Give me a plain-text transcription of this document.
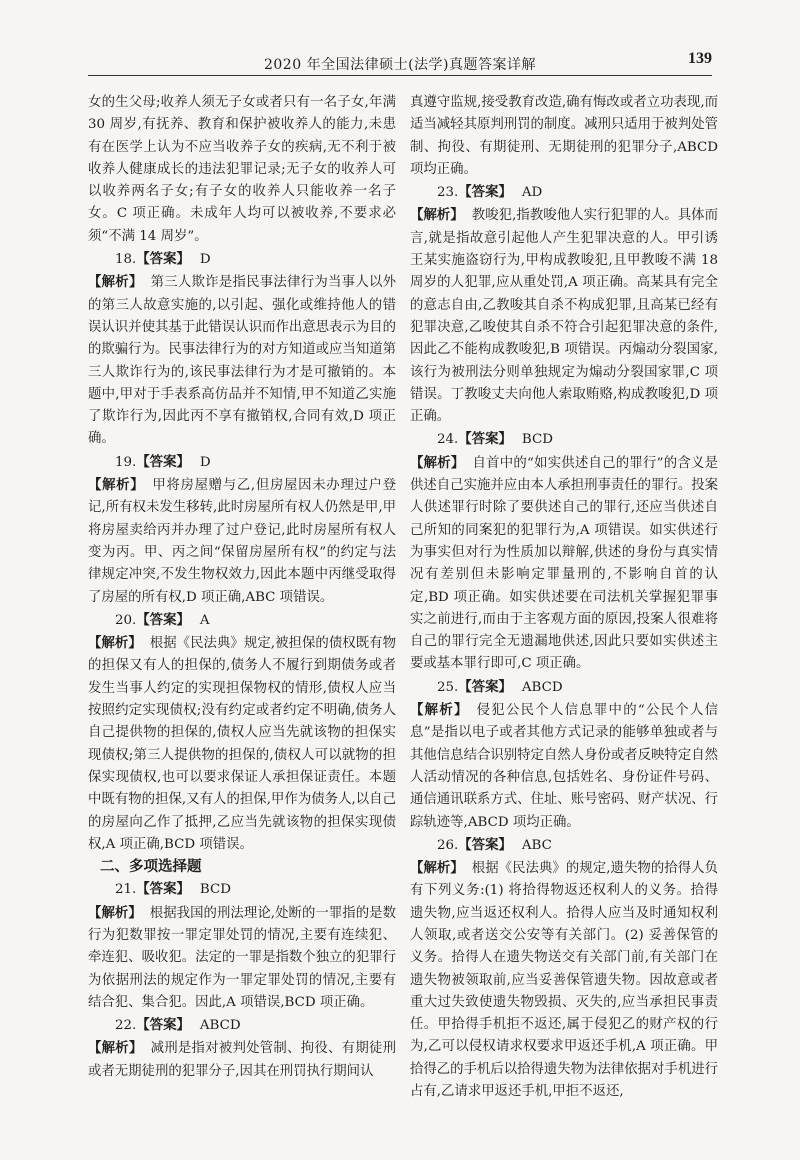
2020 年全国法律硕士(法学)真题答案详解	139

女的生父母;收养人须无子女或者只有一名子女,年满 30 周岁,有抚养、教育和保护被收养人的能力,未患有在医学上认为不应当收养子女的疾病,无不利于被收养人健康成长的违法犯罪记录;无子女的收养人可以收养两名子女;有子女的收养人只能收养一名子女。C 项正确。未成年人均可以被收养,不要求必须“不满 14 周岁”。

18.【答案】 D

【解析】 第三人欺诈是指民事法律行为当事人以外的第三人故意实施的,以引起、强化或维持他人的错误认识并使其基于此错误认识而作出意思表示为目的的欺骗行为。民事法律行为的对方知道或应当知道第三人欺诈行为的,该民事法律行为才是可撤销的。本题中,甲对于手表系高仿品并不知情,甲不知道乙实施了欺诈行为,因此丙不享有撤销权,合同有效,D 项正确。

19.【答案】 D

【解析】 甲将房屋赠与乙,但房屋因未办理过户登记,所有权未发生移转,此时房屋所有权人仍然是甲,甲将房屋卖给丙并办理了过户登记,此时房屋所有权人变为丙。甲、丙之间“保留房屋所有权”的约定与法律规定冲突,不发生物权效力,因此本题中丙继受取得了房屋的所有权,D 项正确,ABC 项错误。

20.【答案】 A

【解析】 根据《民法典》规定,被担保的债权既有物的担保又有人的担保的,债务人不履行到期债务或者发生当事人约定的实现担保物权的情形,债权人应当按照约定实现债权;没有约定或者约定不明确,债务人自己提供物的担保的,债权人应当先就该物的担保实现债权;第三人提供物的担保的,债权人可以就物的担保实现债权,也可以要求保证人承担保证责任。本题中既有物的担保,又有人的担保,甲作为债务人,以自己的房屋向乙作了抵押,乙应当先就该物的担保实现债权,A 项正确,BCD 项错误。

二、多项选择题

21.【答案】 BCD

【解析】 根据我国的刑法理论,处断的一罪指的是数行为犯数罪按一罪定罪处罚的情况,主要有连续犯、牵连犯、吸收犯。法定的一罪是指数个独立的犯罪行为依据刑法的规定作为一罪定罪处罚的情况,主要有结合犯、集合犯。因此,A 项错误,BCD 项正确。

22.【答案】 ABCD

【解析】 减刑是指对被判处管制、拘役、有期徒刑或者无期徒刑的犯罪分子,因其在刑罚执行期间认

真遵守监规,接受教育改造,确有悔改或者立功表现,而适当减轻其原判刑罚的制度。减刑只适用于被判处管制、拘役、有期徒刑、无期徒刑的犯罪分子,ABCD 项均正确。

23.【答案】 AD

【解析】 教唆犯,指教唆他人实行犯罪的人。具体而言,就是指故意引起他人产生犯罪决意的人。甲引诱王某实施盗窃行为,甲构成教唆犯,且甲教唆不满 18 周岁的人犯罪,应从重处罚,A 项正确。高某具有完全的意志自由,乙教唆其自杀不构成犯罪,且高某已经有犯罪决意,乙唆使其自杀不符合引起犯罪决意的条件,因此乙不能构成教唆犯,B 项错误。丙煽动分裂国家,该行为被刑法分则单独规定为煽动分裂国家罪,C 项错误。丁教唆丈夫向他人索取贿赂,构成教唆犯,D 项正确。

24.【答案】 BCD

【解析】 自首中的“如实供述自己的罪行”的含义是供述自己实施并应由本人承担刑事责任的罪行。投案人供述罪行时除了要供述自己的罪行,还应当供述自己所知的同案犯的犯罪行为,A 项错误。如实供述行为事实但对行为性质加以辩解,供述的身份与真实情况有差别但未影响定罪量刑的,不影响自首的认定,BD 项正确。如实供述要在司法机关掌握犯罪事实之前进行,而由于主客观方面的原因,投案人很难将自己的罪行完全无遗漏地供述,因此只要如实供述主要或基本罪行即可,C 项正确。

25.【答案】 ABCD

【解析】 侵犯公民个人信息罪中的“公民个人信息”是指以电子或者其他方式记录的能够单独或者与其他信息结合识别特定自然人身份或者反映特定自然人活动情况的各种信息,包括姓名、身份证件号码、通信通讯联系方式、住址、账号密码、财产状况、行踪轨迹等,ABCD 项均正确。

26.【答案】 ABC

【解析】 根据《民法典》的规定,遗失物的拾得人负有下列义务:(1) 将拾得物返还权利人的义务。拾得遗失物,应当返还权利人。拾得人应当及时通知权利人领取,或者送交公安等有关部门。(2) 妥善保管的义务。拾得人在遗失物送交有关部门前,有关部门在遗失物被领取前,应当妥善保管遗失物。因故意或者重大过失致使遗失物毁损、灭失的,应当承担民事责任。甲拾得手机拒不返还,属于侵犯乙的财产权的行为,乙可以侵权请求权要求甲返还手机,A 项正确。甲拾得乙的手机后以拾得遗失物为法律依据对手机进行占有,乙请求甲返还手机,甲拒不返还,
